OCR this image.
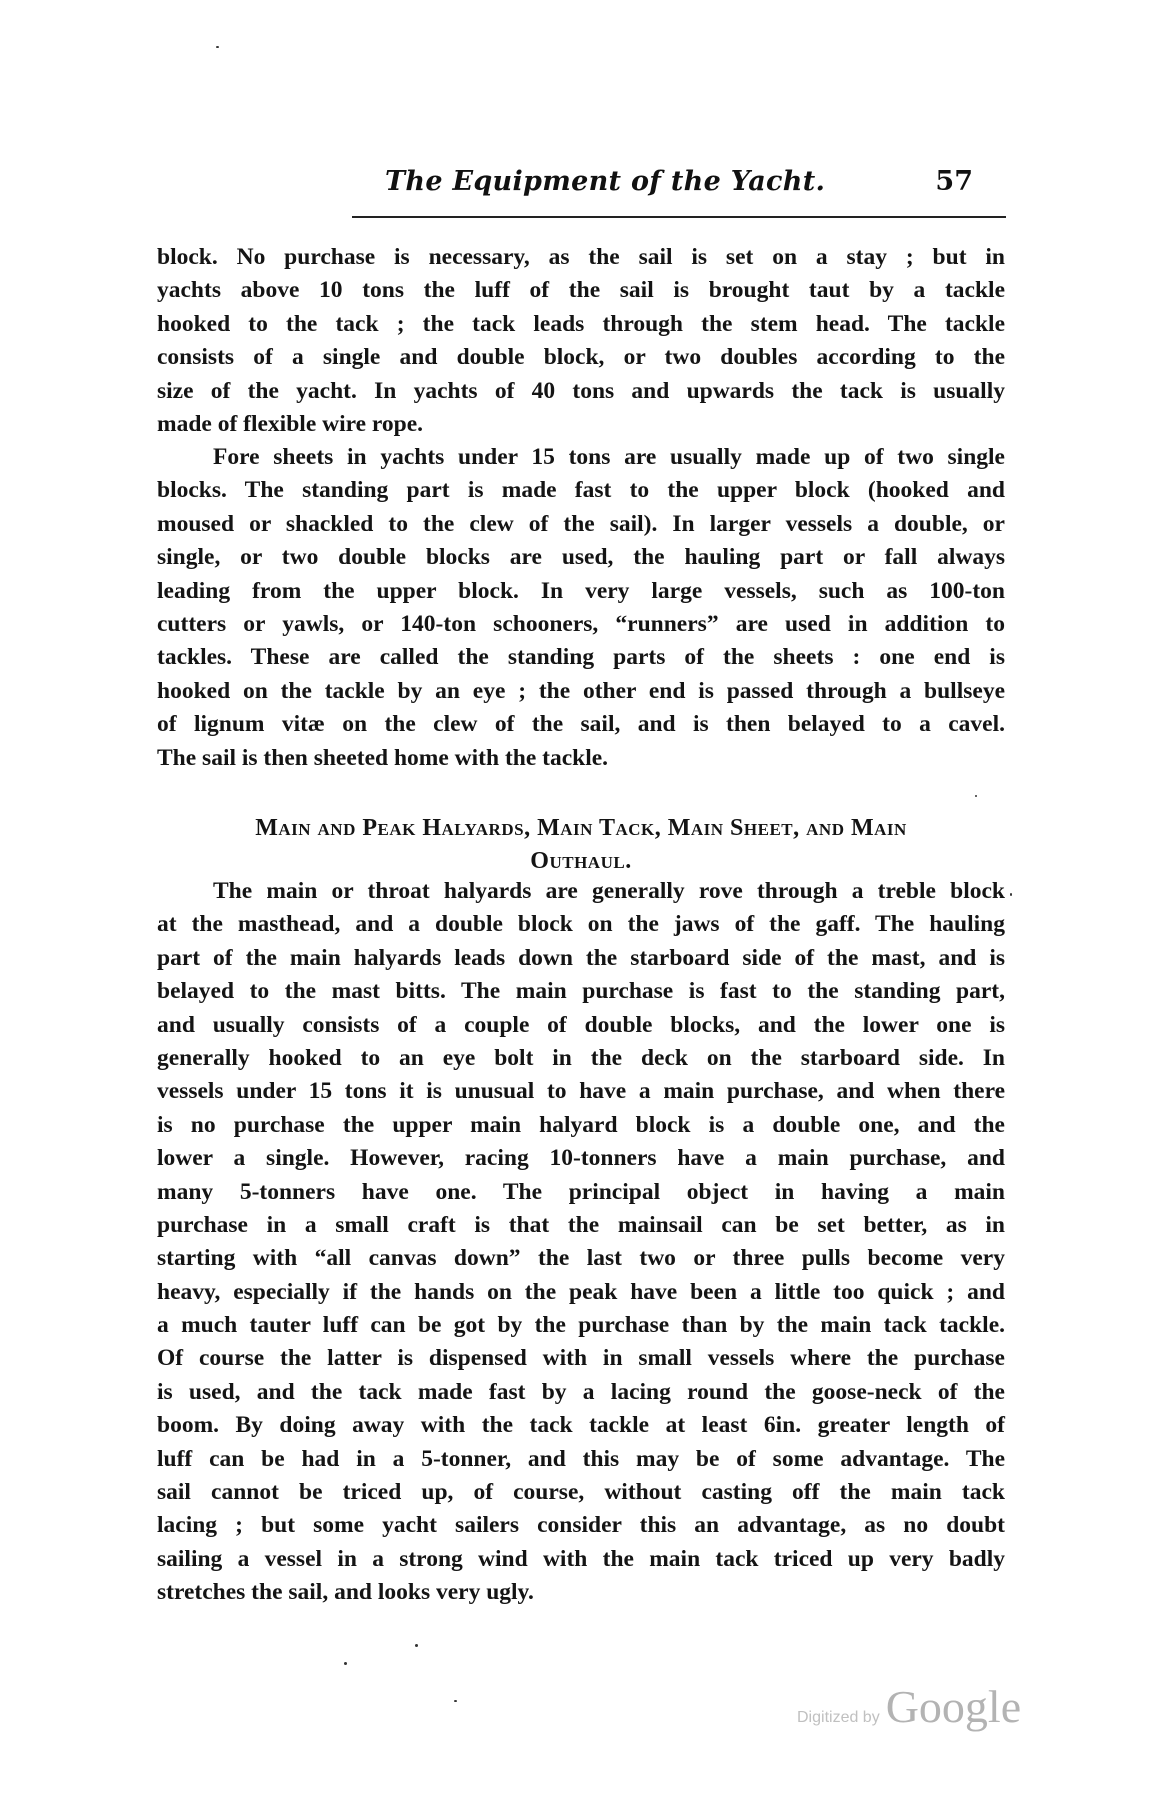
The Equipment of the Yacht.	57
block. No purchase is necessary, as the sail is set on a stay ; but in
yachts above 10 tons the luff of the sail is brought taut by a tackle
hooked to the tack ; the tack leads through the stem head. The tackle
consists of a single and double block, or two doubles according to the
size of the yacht. In yachts of 40 tons and upwards the tack is usually
made of flexible wire rope.
Fore sheets in yachts under 15 tons are usually made up of two single
blocks. The standing part is made fast to the upper block (hooked and
moused or shackled to the clew of the sail). In larger vessels a double, or
single, or two double blocks are used, the hauling part or fall always
leading from the upper block. In very large vessels, such as 100-ton
cutters or yawls, or 140-ton schooners, “runners” are used in addition to
tackles. These are called the standing parts of the sheets : one end is
hooked on the tackle by an eye ; the other end is passed through a bullseye
of lignum vitæ on the clew of the sail, and is then belayed to a cavel.
The sail is then sheeted home with the tackle.
Main and Peak Halyards, Main Tack, Main Sheet, and Main
Outhaul.
The main or throat halyards are generally rove through a treble block
at the masthead, and a double block on the jaws of the gaff. The hauling
part of the main halyards leads down the starboard side of the mast, and is
belayed to the mast bitts. The main purchase is fast to the standing part,
and usually consists of a couple of double blocks, and the lower one is
generally hooked to an eye bolt in the deck on the starboard side. In
vessels under 15 tons it is unusual to have a main purchase, and when there
is no purchase the upper main halyard block is a double one, and the
lower a single. However, racing 10-tonners have a main purchase, and
many 5-tonners have one. The principal object in having a main
purchase in a small craft is that the mainsail can be set better, as in
starting with “all canvas down” the last two or three pulls become very
heavy, especially if the hands on the peak have been a little too quick ; and
a much tauter luff can be got by the purchase than by the main tack tackle.
Of course the latter is dispensed with in small vessels where the purchase
is used, and the tack made fast by a lacing round the goose-neck of the
boom. By doing away with the tack tackle at least 6in. greater length of
luff can be had in a 5-tonner, and this may be of some advantage. The
sail cannot be triced up, of course, without casting off the main tack
lacing ; but some yacht sailers consider this an advantage, as no doubt
sailing a vessel in a strong wind with the main tack triced up very badly
stretches the sail, and looks very ugly.
Digitized by Google
